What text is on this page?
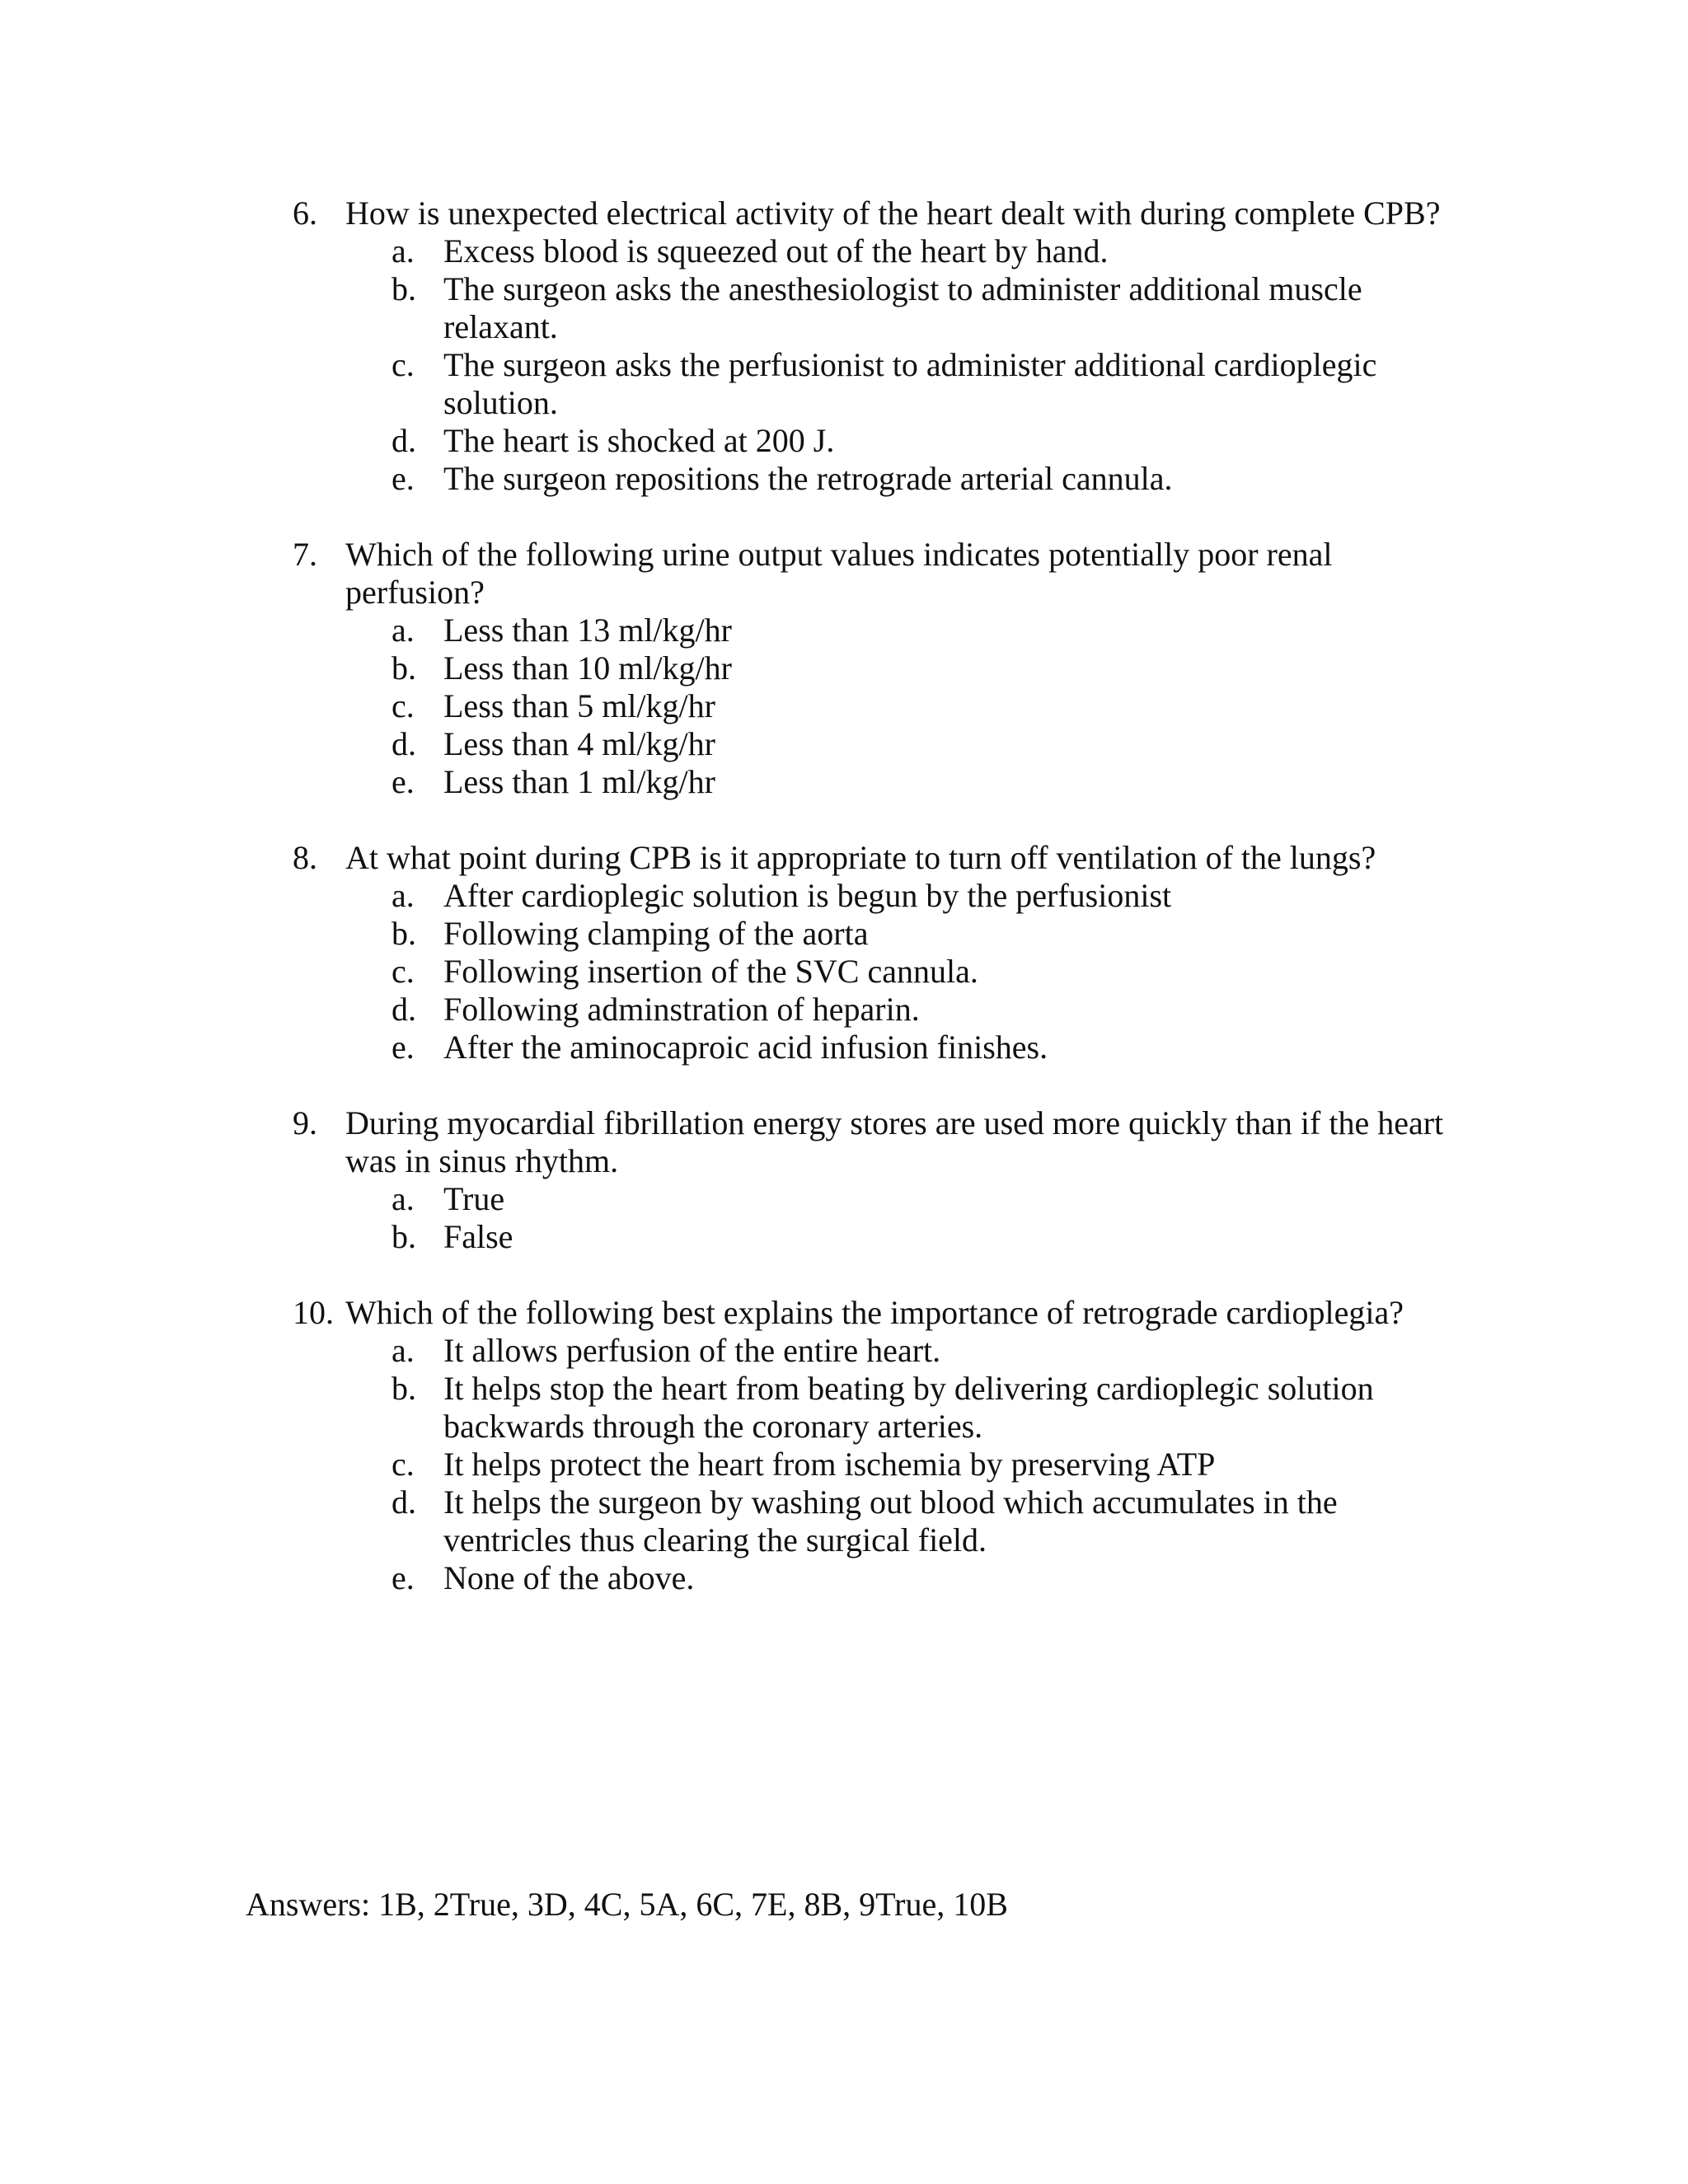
6. How is unexpected electrical activity of the heart dealt with during complete CPB?
a. Excess blood is squeezed out of the heart by hand.
b. The surgeon asks the anesthesiologist to administer additional muscle relaxant.
c. The surgeon asks the perfusionist to administer additional cardioplegic solution.
d. The heart is shocked at 200 J.
e. The surgeon repositions the retrograde arterial cannula.
7. Which of the following urine output values indicates potentially poor renal perfusion?
a. Less than 13 ml/kg/hr
b. Less than 10 ml/kg/hr
c. Less than 5 ml/kg/hr
d. Less than 4 ml/kg/hr
e. Less than 1 ml/kg/hr
8. At what point during CPB is it appropriate to turn off ventilation of the lungs?
a. After cardioplegic solution is begun by the perfusionist
b. Following clamping of the aorta
c. Following insertion of the SVC cannula.
d. Following adminstration of heparin.
e. After the aminocaproic acid infusion finishes.
9. During myocardial fibrillation energy stores are used more quickly than if the heart was in sinus rhythm.
a. True
b. False
10. Which of the following best explains the importance of retrograde cardioplegia?
a. It allows perfusion of the entire heart.
b. It helps stop the heart from beating by delivering cardioplegic solution backwards through the coronary arteries.
c. It helps protect the heart from ischemia by preserving ATP
d. It helps the surgeon by washing out blood which accumulates in the ventricles thus clearing the surgical field.
e. None of the above.
Answers: 1B, 2True, 3D, 4C, 5A, 6C, 7E, 8B, 9True, 10B
